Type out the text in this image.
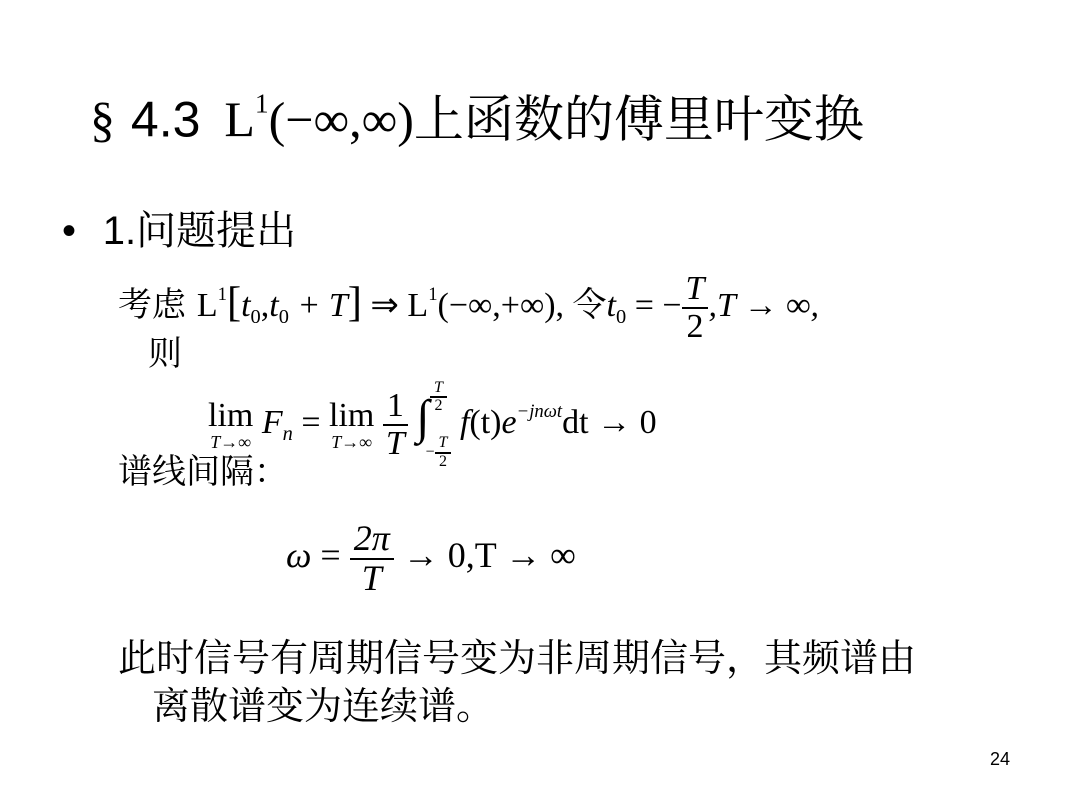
§ 4.3 $L^1(-\infty,\infty)$上函数的傅里叶变换
• 1.问题提出
考虑 $L^1[t_0,t_0 + T]$ ⇒ $L^1(-\infty,+\infty)$, 令$t_0$ = − $\frac{T}{2} ,T$ → ∞,
则
lim
T→∞
$F_n = \lim$
T→∞
$\frac{1}{T}$ ∫ $\frac{T}{2}$
− $\frac{T}{2}$
$f(t)e^{-jn\omega t}dt \to 0$
谱线间隔：
$\omega = \frac{2\pi}{T} \to 0,T$ → ∞
此时信号有周期信号变为非周期信号，其频谱由
离散谱变为连续谱。
24
